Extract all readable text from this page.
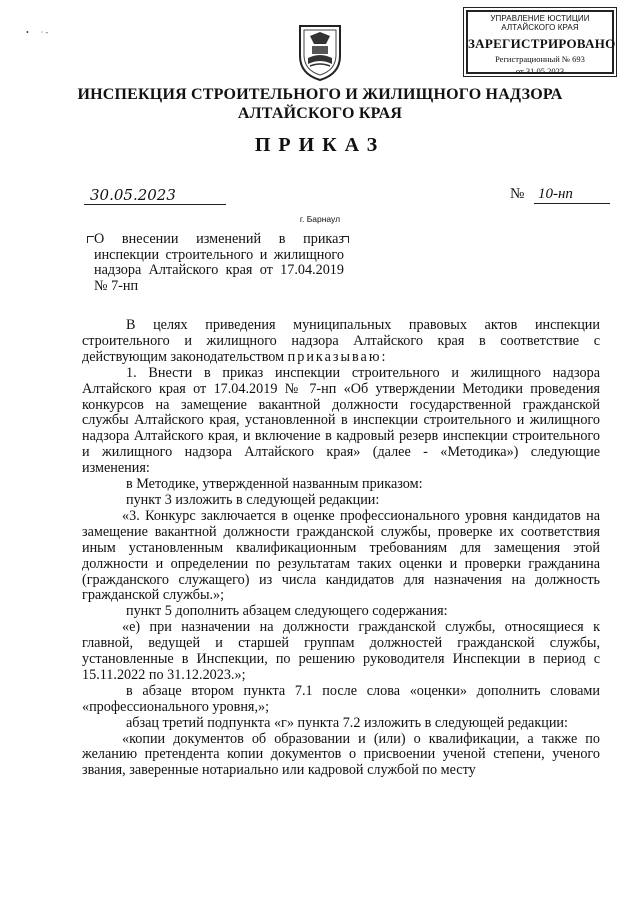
•      · -
УПРАВЛЕНИЕ ЮСТИЦИИ
АЛТАЙСКОГО КРАЯ
ЗАРЕГИСТРИРОВАНО
Регистрационный № 693
от 31.05.2023
ИНСПЕКЦИЯ СТРОИТЕЛЬНОГО И ЖИЛИЩНОГО НАДЗОРА
АЛТАЙСКОГО КРАЯ
ПРИКАЗ
30.05.2023	№ 10-нп
г. Барнаул
О внесении изменений в приказ инспекции строительного и жилищного надзора Алтайского края от 17.04.2019 № 7-нп

В целях приведения муниципальных правовых актов инспекции строительного и жилищного надзора Алтайского края в соответствие с действующим законодательством приказываю:

1. Внести в приказ инспекции строительного и жилищного надзора Алтайского края от 17.04.2019 № 7-нп «Об утверждении Методики проведения конкурсов на замещение вакантной должности государственной гражданской службы Алтайского края, установленной в инспекции строительного и жилищного надзора Алтайского края, и включение в кадровый резерв инспекции строительного и жилищного надзора Алтайского края» (далее - «Методика») следующие изменения:

в Методике, утвержденной названным приказом:

пункт 3 изложить в следующей редакции:

«3. Конкурс заключается в оценке профессионального уровня кандидатов на замещение вакантной должности гражданской службы, проверке их соответствия иным установленным квалификационным требованиям для замещения этой должности и определении по результатам таких оценки и проверки гражданина (гражданского служащего) из числа кандидатов для назначения на должность гражданской службы.»;

пункт 5 дополнить абзацем следующего содержания:

«е) при назначении на должности гражданской службы, относящиеся к главной, ведущей и старшей группам должностей гражданской службы, установленные в Инспекции, по решению руководителя Инспекции в период с 15.11.2022 по 31.12.2023.»;

в абзаце втором пункта 7.1 после слова «оценки» дополнить словами «профессионального уровня,»;

абзац третий подпункта «г» пункта 7.2 изложить в следующей редакции:

«копии документов об образовании и (или) о квалификации, а также по желанию претендента копии документов о присвоении ученой степени, ученого звания, заверенные нотариально или кадровой службой по месту
